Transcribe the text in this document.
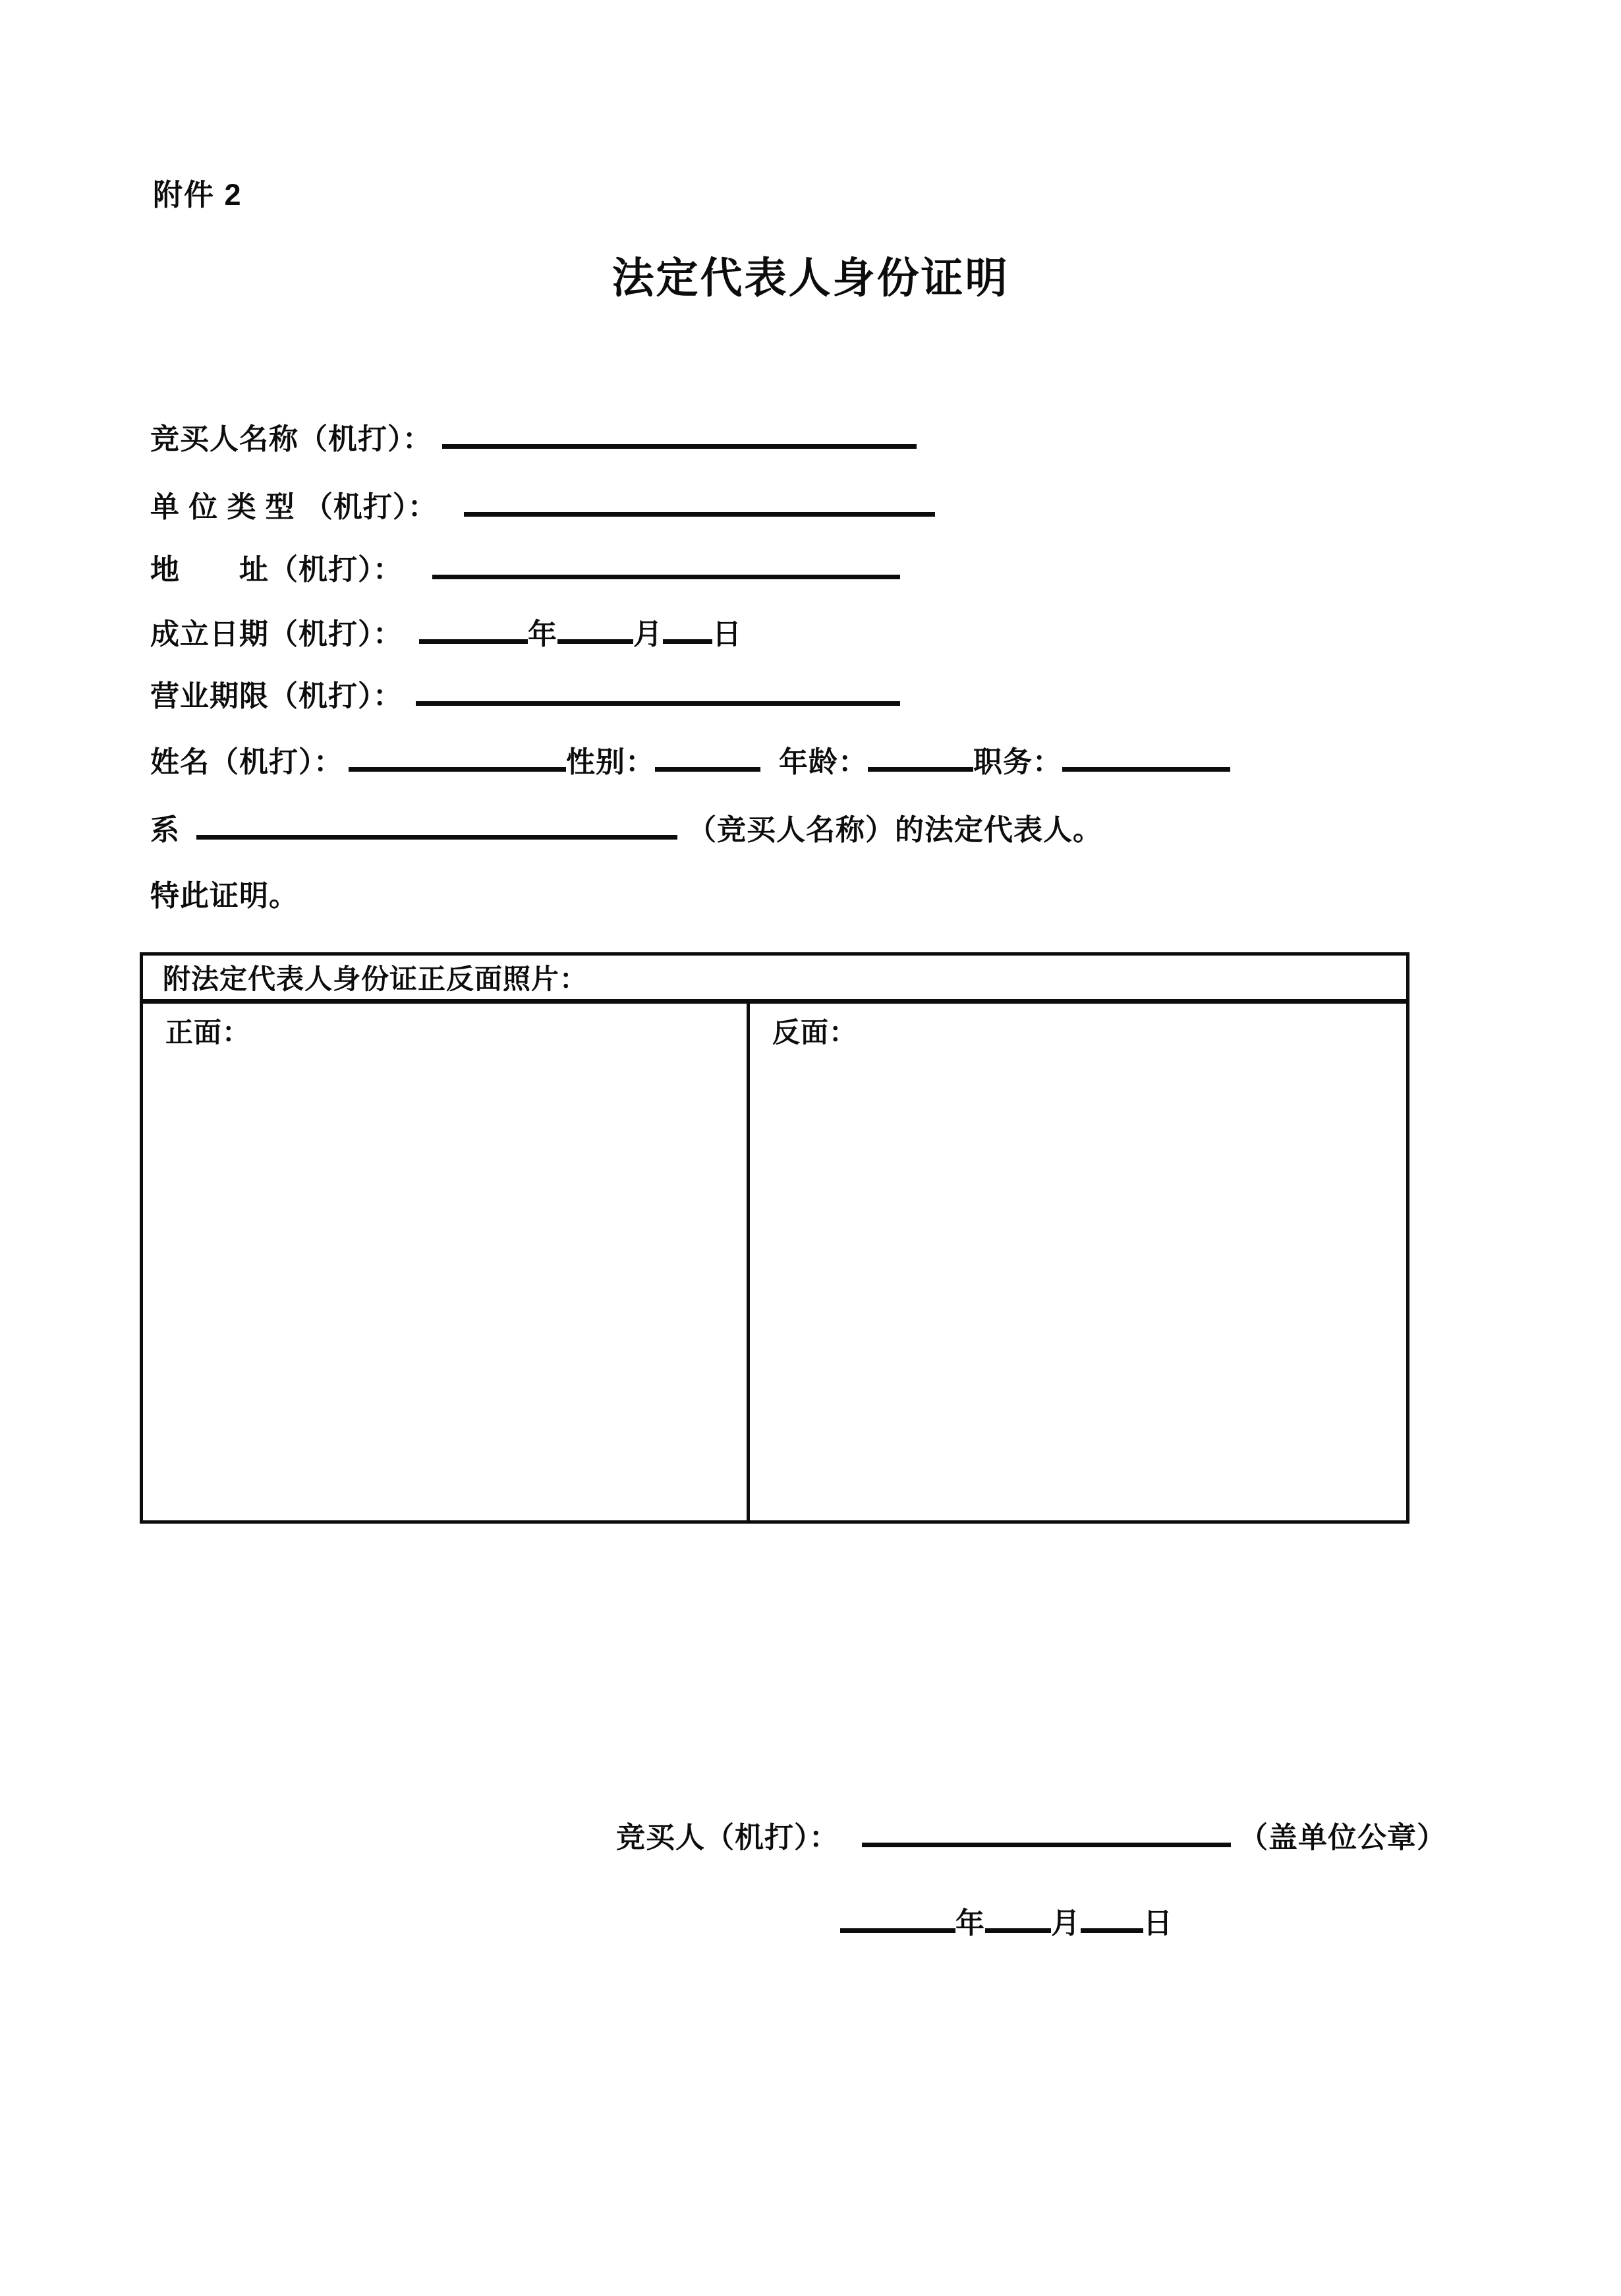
附件 2
法定代表人身份证明
竞买人名称（机打）：
单 位 类 型 （机打）：
地　　址（机打）：
成立日期（机打）：	年	月 日
营业期限（机打）：
姓名（机打）：	性别：	年龄：	职务：
系	（竞买人名称）的法定代表人。
特此证明。
附法定代表人身份证正反面照片：
正面：	反面：
竞买人（机打）：	（盖单位公章）
年 月 日
